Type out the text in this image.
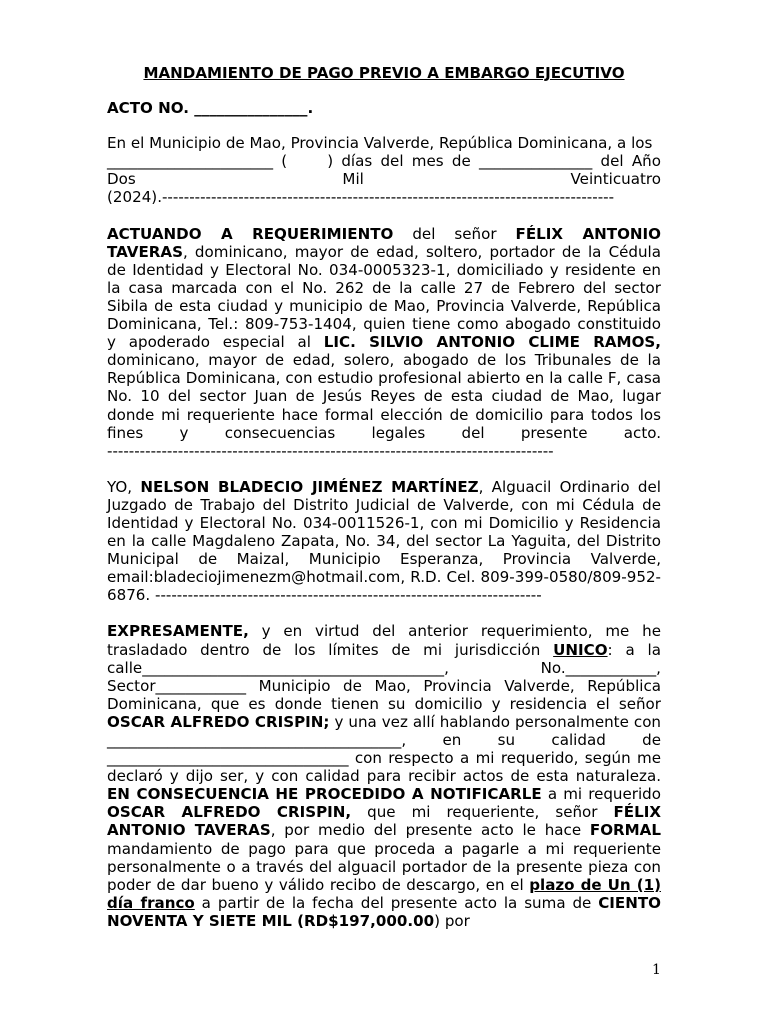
MANDAMIENTO DE PAGO PREVIO A EMBARGO EJECUTIVO
ACTO NO. _______________.
En el Municipio de Mao, Provincia Valverde, República Dominicana, a los
______________________ (	) días del mes de _______________ del Año
Dos	Mil	Veinticuatro
(2024).-----------------------------------------------------------------------------------
ACTUANDO A REQUERIMIENTO del señor FÉLIX ANTONIO TAVERAS, dominicano, mayor de edad, soltero, portador de la Cédula de Identidad y Electoral No. 034-0005323-1, domiciliado y residente en la casa marcada con el No. 262 de la calle 27 de Febrero del sector Sibila de esta ciudad y municipio de Mao, Provincia Valverde, República Dominicana, Tel.: 809-753-1404, quien tiene como abogado constituido y apoderado especial al LIC. SILVIO ANTONIO CLIME RAMOS, dominicano, mayor de edad, solero, abogado de los Tribunales de la República Dominicana, con estudio profesional abierto en la calle F, casa No. 10 del sector Juan de Jesús Reyes de esta ciudad de Mao, lugar donde mi requeriente hace formal elección de domicilio para todos los fines y consecuencias legales del presente acto.
----------------------------------------------------------------------------------
YO, NELSON BLADECIO JIMÉNEZ MARTÍNEZ, Alguacil Ordinario del Juzgado de Trabajo del Distrito Judicial de Valverde, con mi Cédula de Identidad y Electoral No. 034-0011526-1, con mi Domicilio y Residencia en la calle Magdaleno Zapata, No. 34, del sector La Yaguita, del Distrito Municipal de Maizal, Municipio Esperanza, Provincia Valverde, email:bladeciojimenezm@hotmail.com, R.D. Cel. 809-399-0580/809-952-6876. -----------------------------------------------------------------------
EXPRESAMENTE, y en virtud del anterior requerimiento, me he trasladado dentro de los límites de mi jurisdicción UNICO: a la calle________________________________________, No.____________, Sector____________ Municipio de Mao, Provincia Valverde, República Dominicana, que es donde tienen su domicilio y residencia el señor OSCAR ALFREDO CRISPIN; y una vez allí hablando personalmente con _______________________________________, en su calidad de ________________________________ con respecto a mi requerido, según me declaró y dijo ser, y con calidad para recibir actos de esta naturaleza. EN CONSECUENCIA HE PROCEDIDO A NOTIFICARLE a mi requerido OSCAR ALFREDO CRISPIN, que mi requeriente, señor FÉLIX ANTONIO TAVERAS, por medio del presente acto le hace FORMAL mandamiento de pago para que proceda a pagarle a mi requeriente personalmente o a través del alguacil portador de la presente pieza con poder de dar bueno y válido recibo de descargo, en el plazo de Un (1) día franco a partir de la fecha del presente acto la suma de CIENTO NOVENTA Y SIETE MIL (RD$197,000.00) por
1
